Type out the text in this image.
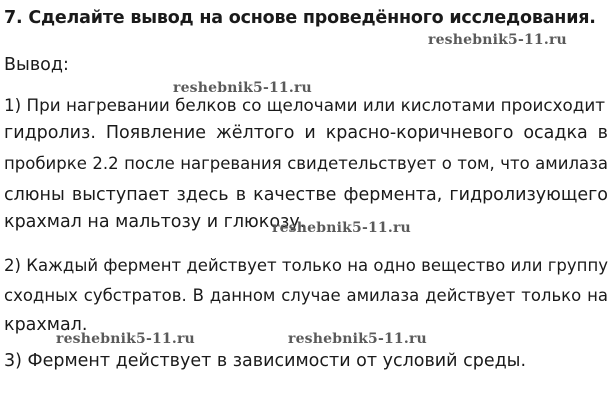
7. Сделайте вывод на основе проведённого исследования.
Вывод:
1) При нагревании белков со щелочами или кислотами происходит
гидролиз. Появление жёлтого и красно-коричневого осадка в
пробирке 2.2 после нагревания свидетельствует о том, что амилаза
слюны выступает здесь в качестве фермента, гидролизующего
крахмал на мальтозу и глюкозу.
2) Каждый фермент действует только на одно вещество или группу
сходных субстратов. В данном случае амилаза действует только на
крахмал.
3) Фермент действует в зависимости от условий среды.
reshebnik5-11.ru
reshebnik5-11.ru
reshebnik5-11.ru
reshebnik5-11.ru	reshebnik5-11.ru
